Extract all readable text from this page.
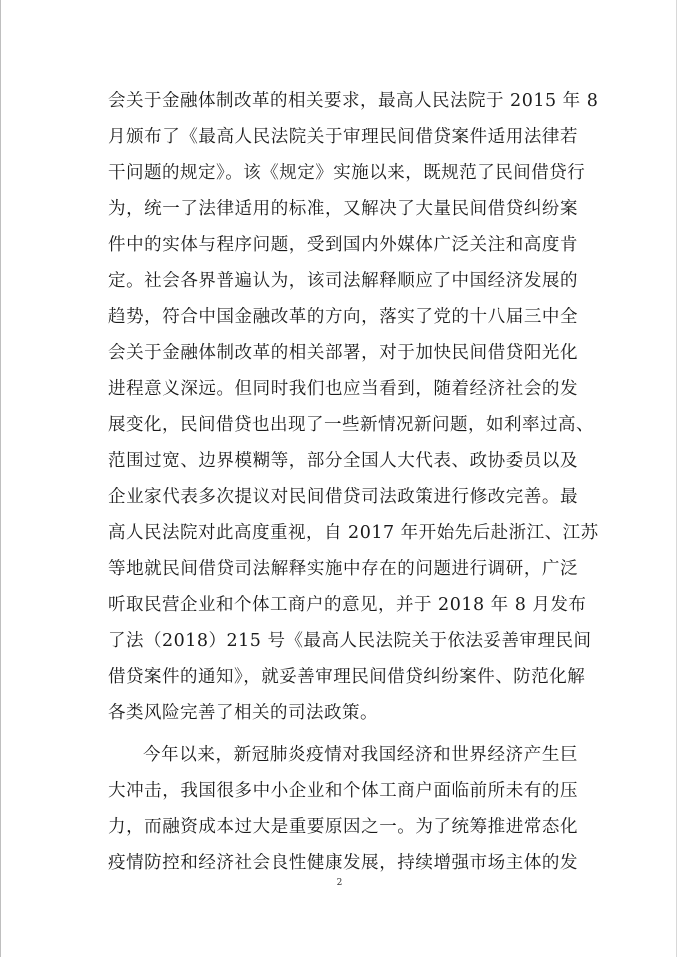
会关于金融体制改革的相关要求，最高人民法院于 2015 年 8
月颁布了《最高人民法院关于审理民间借贷案件适用法律若
干问题的规定》。该《规定》实施以来，既规范了民间借贷行
为，统一了法律适用的标准，又解决了大量民间借贷纠纷案
件中的实体与程序问题，受到国内外媒体广泛关注和高度肯
定。社会各界普遍认为，该司法解释顺应了中国经济发展的
趋势，符合中国金融改革的方向，落实了党的十八届三中全
会关于金融体制改革的相关部署，对于加快民间借贷阳光化
进程意义深远。但同时我们也应当看到，随着经济社会的发
展变化，民间借贷也出现了一些新情况新问题，如利率过高、
范围过宽、边界模糊等，部分全国人大代表、政协委员以及
企业家代表多次提议对民间借贷司法政策进行修改完善。最
高人民法院对此高度重视，自 2017 年开始先后赴浙江、江苏
等地就民间借贷司法解释实施中存在的问题进行调研，广泛
听取民营企业和个体工商户的意见，并于 2018 年 8 月发布
了法（2018）215 号《最高人民法院关于依法妥善审理民间
借贷案件的通知》，就妥善审理民间借贷纠纷案件、防范化解
各类风险完善了相关的司法政策。
今年以来，新冠肺炎疫情对我国经济和世界经济产生巨
大冲击，我国很多中小企业和个体工商户面临前所未有的压
力，而融资成本过大是重要原因之一。为了统筹推进常态化
疫情防控和经济社会良性健康发展，持续增强市场主体的发
2
